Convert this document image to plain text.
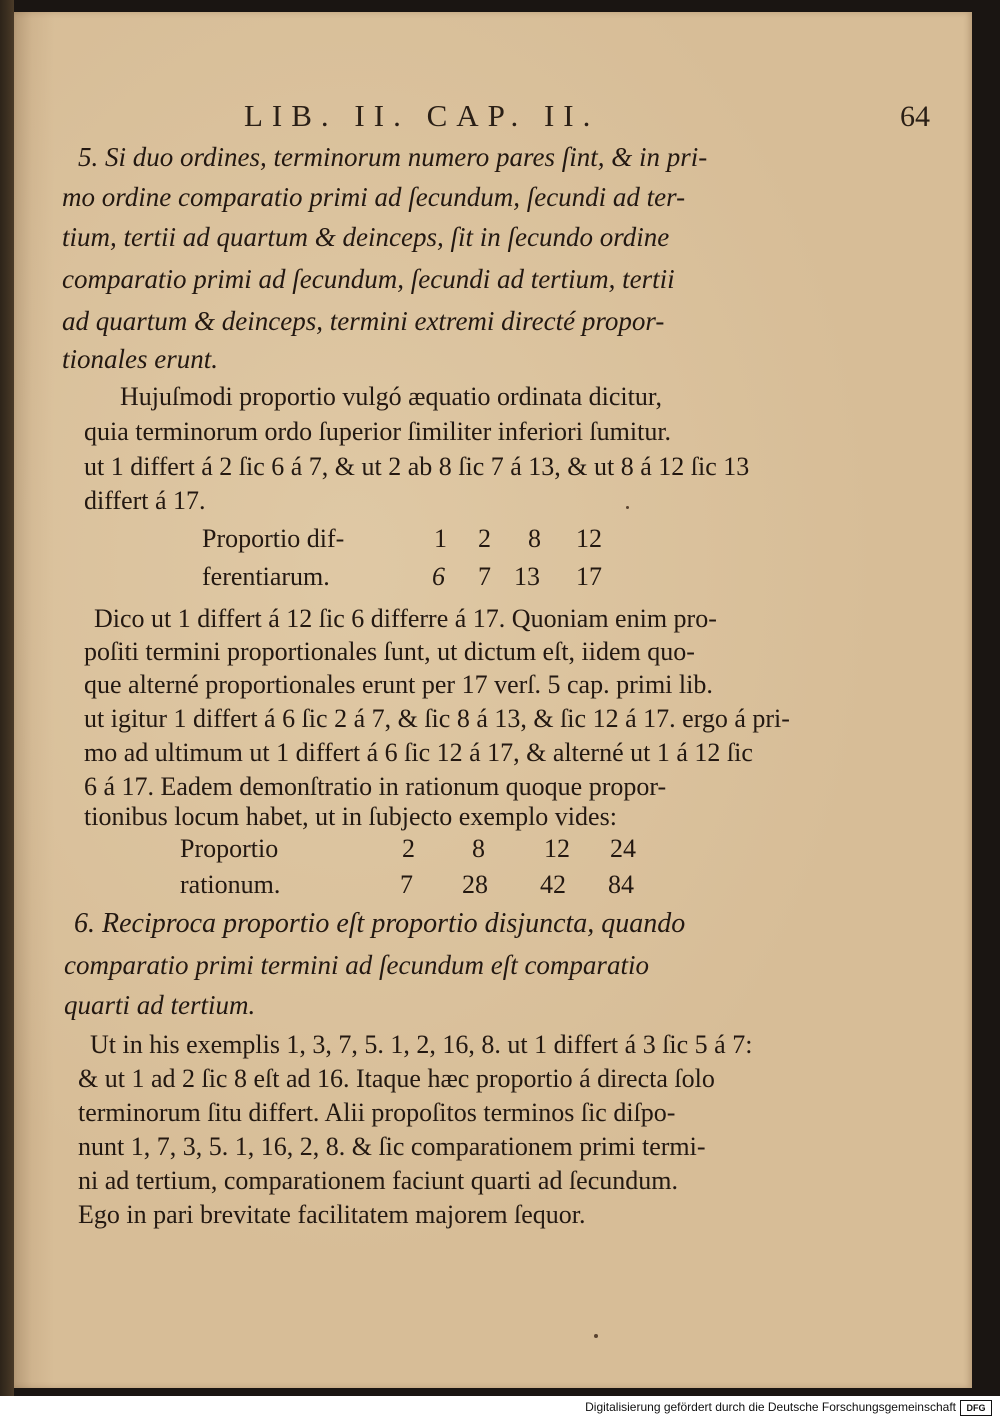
LIB. II. CAP. II.	64
5. Si duo ordines, terminorum numero pares ſint, & in pri-
mo ordine comparatio primi ad ſecundum, ſecundi ad ter-
tium, tertii ad quartum & deinceps, ſit in ſecundo ordine
comparatio primi ad ſecundum, ſecundi ad tertium, tertii
ad quartum & deinceps, termini extremi directé propor-
tionales erunt.
Hujuſmodi proportio vulgó æquatio ordinata dicitur,
quia terminorum ordo ſuperior ſimiliter inferiori ſumitur.
ut 1 differt á 2 ſic 6 á 7, & ut 2 ab 8 ſic 7 á 13, & ut 8 á 12 ſic 13
differt á 17.
Proportio dif-	1 2 8 12
ferentiarum.	6 7 13 17
Dico ut 1 differt á 12 ſic 6 differre á 17. Quoniam enim pro-
poſiti termini proportionales ſunt, ut dictum eſt, iidem quo-
que alterné proportionales erunt per 17 verſ. 5 cap. primi lib.
ut igitur 1 differt á 6 ſic 2 á 7, & ſic 8 á 13, & ſic 12 á 17. ergo á pri-
mo ad ultimum ut 1 differt á 6 ſic 12 á 17, & alterné ut 1 á 12 ſic
6 á 17. Eadem demonſtratio in rationum quoque propor-
tionibus locum habet, ut in ſubjecto exemplo vides:
Proportio	2 8 12 24
rationum.	7 28 42 84
6. Reciproca proportio eſt proportio disjuncta, quando
comparatio primi termini ad ſecundum eſt comparatio
quarti ad tertium.
Ut in his exemplis 1, 3, 7, 5. 1, 2, 16, 8. ut 1 differt á 3 ſic 5 á 7:
& ut 1 ad 2 ſic 8 eſt ad 16. Itaque hæc proportio á directa ſolo
terminorum ſitu differt. Alii propoſitos terminos ſic diſpo-
nunt 1, 7, 3, 5. 1, 16, 2, 8. & ſic comparationem primi termi-
ni ad tertium, comparationem faciunt quarti ad ſecundum.
Ego in pari brevitate facilitatem majorem ſequor.
Digitalisierung gefördert durch die Deutsche Forschungsgemeinschaft	DFG
